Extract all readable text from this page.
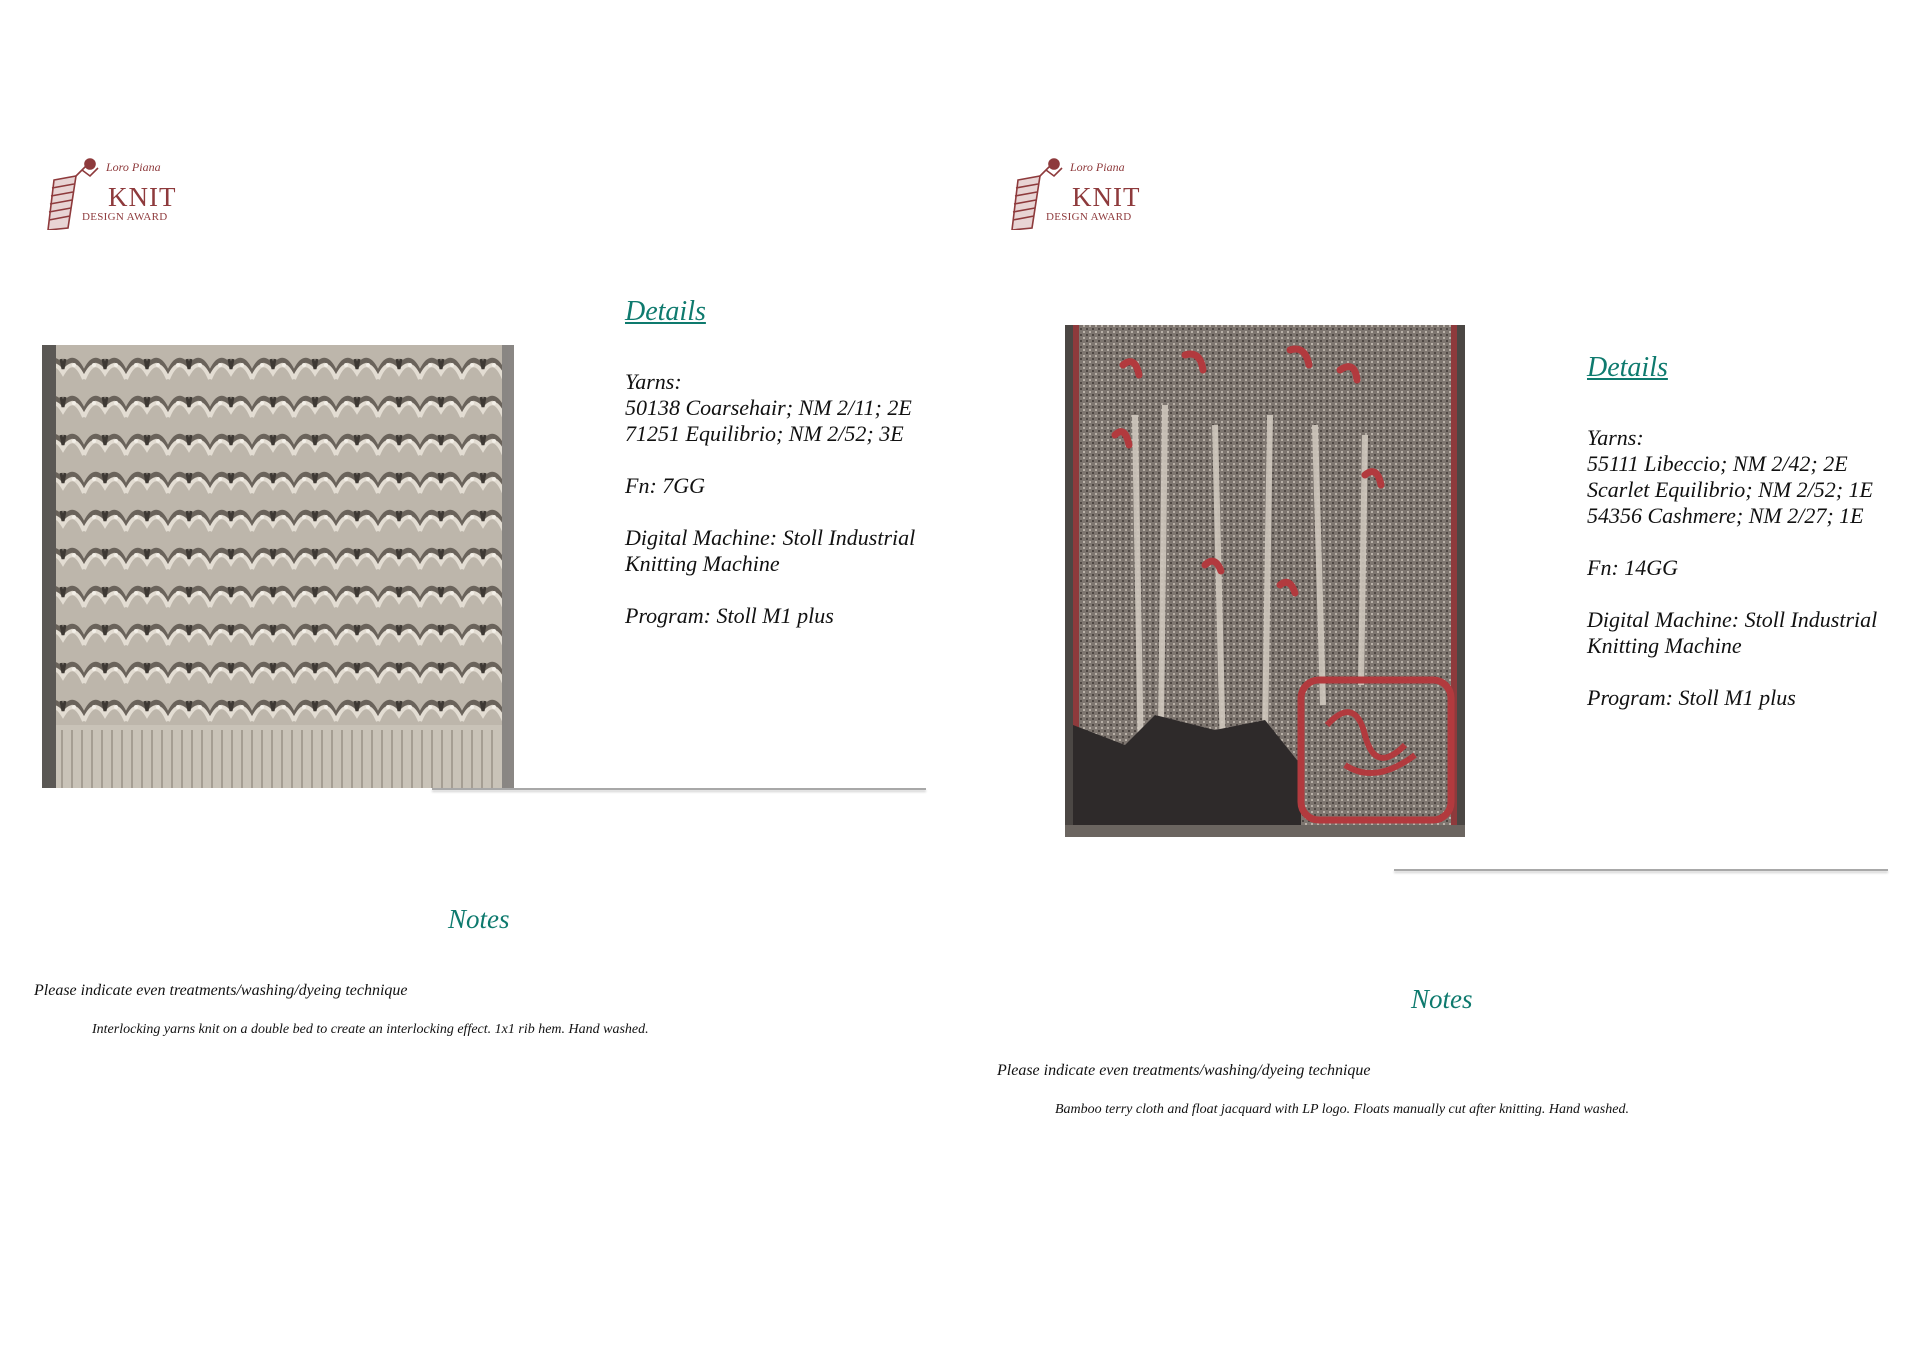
Loro Piana
KNIT
DESIGN AWARD
Details

Yarns:
50138 Coarsehair; NM 2/11; 2E
71251 Equilibrio; NM 2/52; 3E

Fn: 7GG

Digital Machine: Stoll Industrial
Knitting Machine

Program: Stoll M1 plus

Notes
Please indicate even treatments/washing/dyeing technique
Interlocking yarns knit on a double bed to create an interlocking effect. 1x1 rib hem. Hand washed.
Loro Piana
KNIT
DESIGN AWARD
Details

Yarns:
55111 Libeccio; NM 2/42; 2E
Scarlet Equilibrio; NM 2/52; 1E
54356 Cashmere; NM 2/27; 1E

Fn: 14GG

Digital Machine: Stoll Industrial
Knitting Machine

Program: Stoll M1 plus

Notes
Please indicate even treatments/washing/dyeing technique
Bamboo terry cloth and float jacquard with LP logo. Floats manually cut after knitting. Hand washed.
